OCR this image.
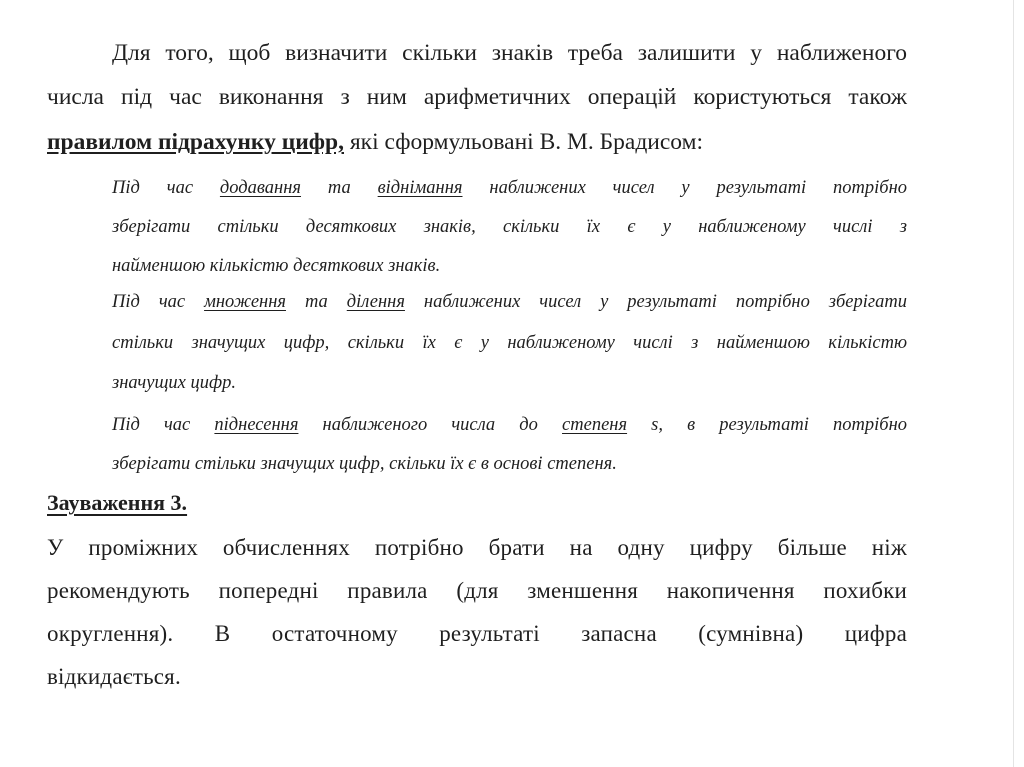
Для того, щоб визначити скільки знаків треба залишити у наближеного
числа під час виконання з ним арифметичних операцій користуються також
правилом підрахунку цифр, які сформульовані В. М. Брадисом:
Під час додавання та віднімання наближених чисел у результаті потрібно
зберігати стільки десяткових знаків, скільки їх є у наближеному числі з
найменшою кількістю десяткових знаків.
Під час множення та ділення наближених чисел у результаті потрібно зберігати
стільки значущих цифр, скільки їх є у наближеному числі з найменшою кількістю
значущих цифр.
Під час піднесення наближеного числа до степеня s, в результаті потрібно
зберігати стільки значущих цифр, скільки їх є в основі степеня.
Зауваження 3.
У проміжних обчисленнях потрібно брати на одну цифру більше ніж
рекомендують попередні правила (для зменшення накопичення похибки
округлення). В остаточному результаті запасна (сумнівна) цифра
відкидається.
